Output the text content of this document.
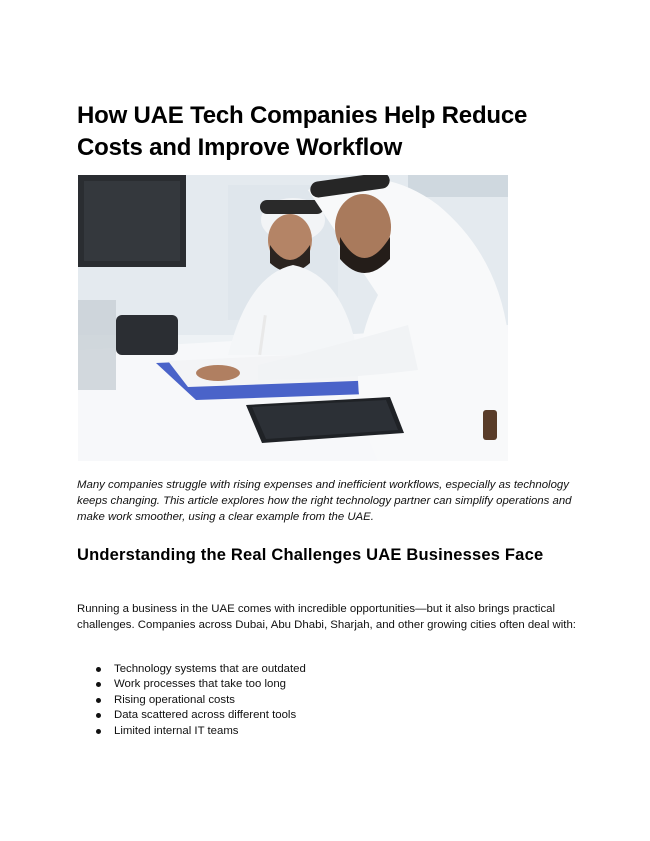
How UAE Tech Companies Help Reduce Costs and Improve Workflow

Many companies struggle with rising expenses and inefficient workflows, especially as technology keeps changing. This article explores how the right technology partner can simplify operations and make work smoother, using a clear example from the UAE.

Understanding the Real Challenges UAE Businesses Face

Running a business in the UAE comes with incredible opportunities—but it also brings practical challenges. Companies across Dubai, Abu Dhabi, Sharjah, and other growing cities often deal with:

Technology systems that are outdated
Work processes that take too long
Rising operational costs
Data scattered across different tools
Limited internal IT teams
